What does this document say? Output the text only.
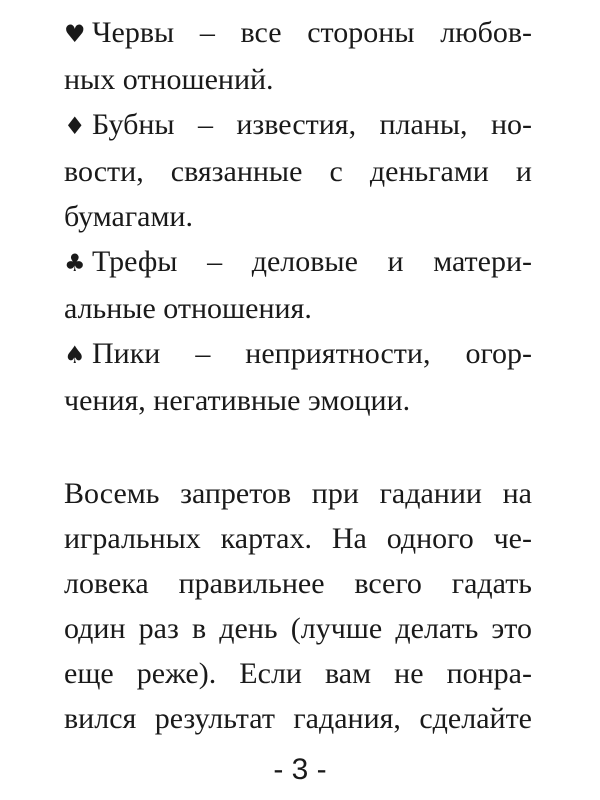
♥ Червы – все стороны любов-
ных отношений.

♦ Бубны – известия, планы, но-
вости, связанные с деньгами и
бумагами.

♣ Трефы – деловые и матери-
альные отношения.

♠ Пики – неприятности, огор-
чения, негативные эмоции.

Восемь запретов при гадании на
игральных картах. На одного че-
ловека правильнее всего гадать
один раз в день (лучше делать это
еще реже). Если вам не понра-
вился результат гадания, сделайте

- 3 -
